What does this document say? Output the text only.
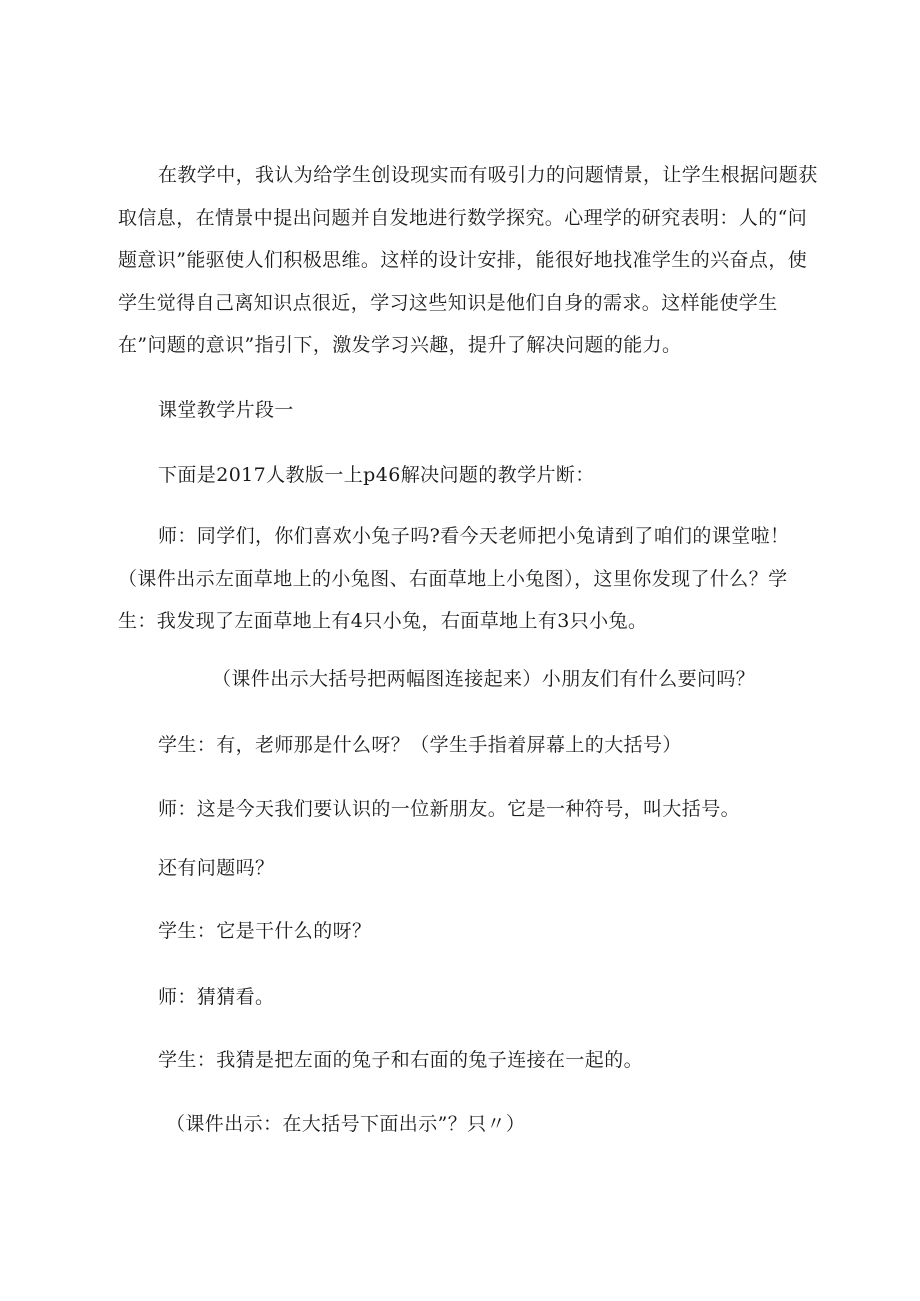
在教学中，我认为给学生创设现实而有吸引力的问题情景，让学生根据问题获取信息，在情景中提出问题并自发地进行数学探究。心理学的研究表明：人的“问题意识”能驱使人们积极思维。这样的设计安排，能很好地找准学生的兴奋点，使学生觉得自己离知识点很近，学习这些知识是他们自身的需求。这样能使学生在”问题的意识”指引下，激发学习兴趣，提升了解决问题的能力。

课堂教学片段一

下面是2017人教版一上p46解决问题的教学片断：

师：同学们，你们喜欢小兔子吗?看今天老师把小兔请到了咱们的课堂啦！（课件出示左面草地上的小兔图、右面草地上小兔图），这里你发现了什么？学生：我发现了左面草地上有4只小兔，右面草地上有3只小兔。

（课件出示大括号把两幅图连接起来）小朋友们有什么要问吗？

学生：有，老师那是什么呀？（学生手指着屏幕上的大括号）

师：这是今天我们要认识的一位新朋友。它是一种符号，叫大括号。

还有问题吗？

学生：它是干什么的呀？

师：猜猜看。

学生：我猜是把左面的兔子和右面的兔子连接在一起的。

（课件出示：在大括号下面出示”？只〃）
